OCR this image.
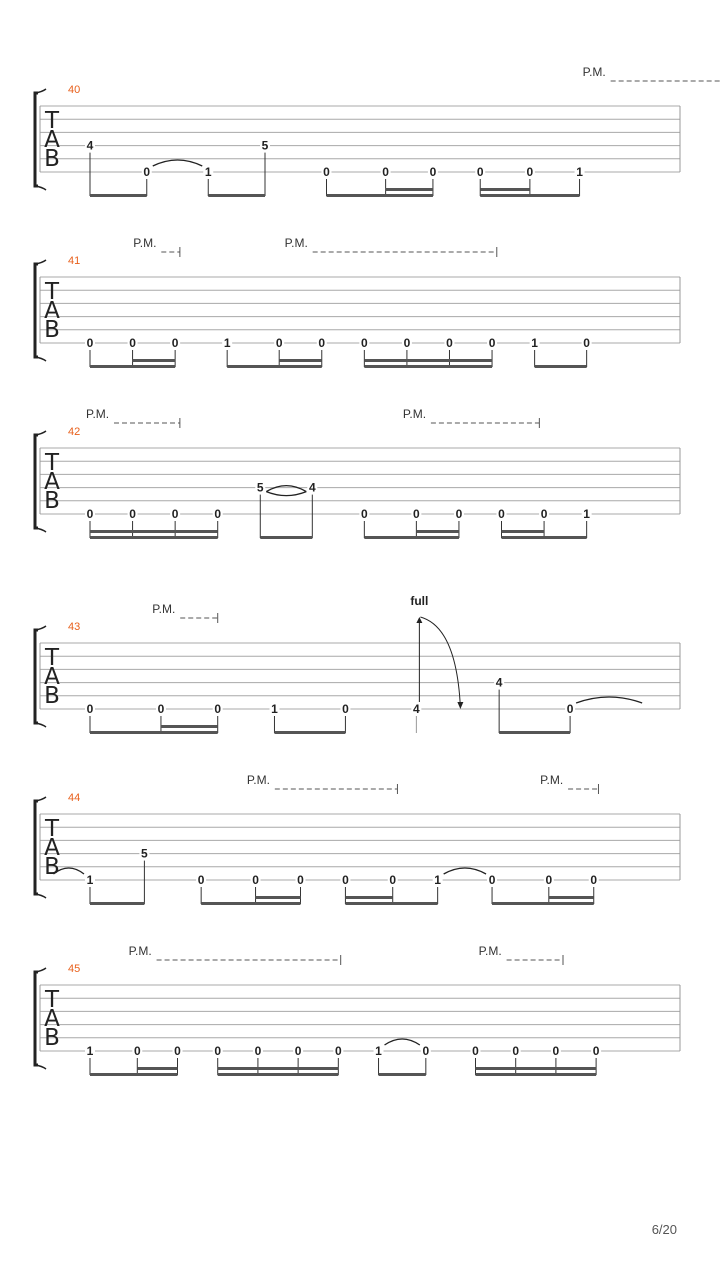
T
A
B
40
P.M.
4
0	1
5
0	0	0	0	0	1
T
A
B
41
P.M.	P.M.
0	0	0	1	0	0	0	0	0	0	1	0
T
A
B
42
P.M.	P.M.
0	0	0	0
5	4
0	0	0	0	0	1
T
A
B
43
P.M.
full
0	0	0	1	0	4
4
0
T
A
B
44
P.M.	P.M.
1
5
0	0	0	0	0	1	0	0	0
T
A
B
45
P.M.	P.M.
1	0	0	0	0	0	0	1	0	0	0	0	0
6/20
